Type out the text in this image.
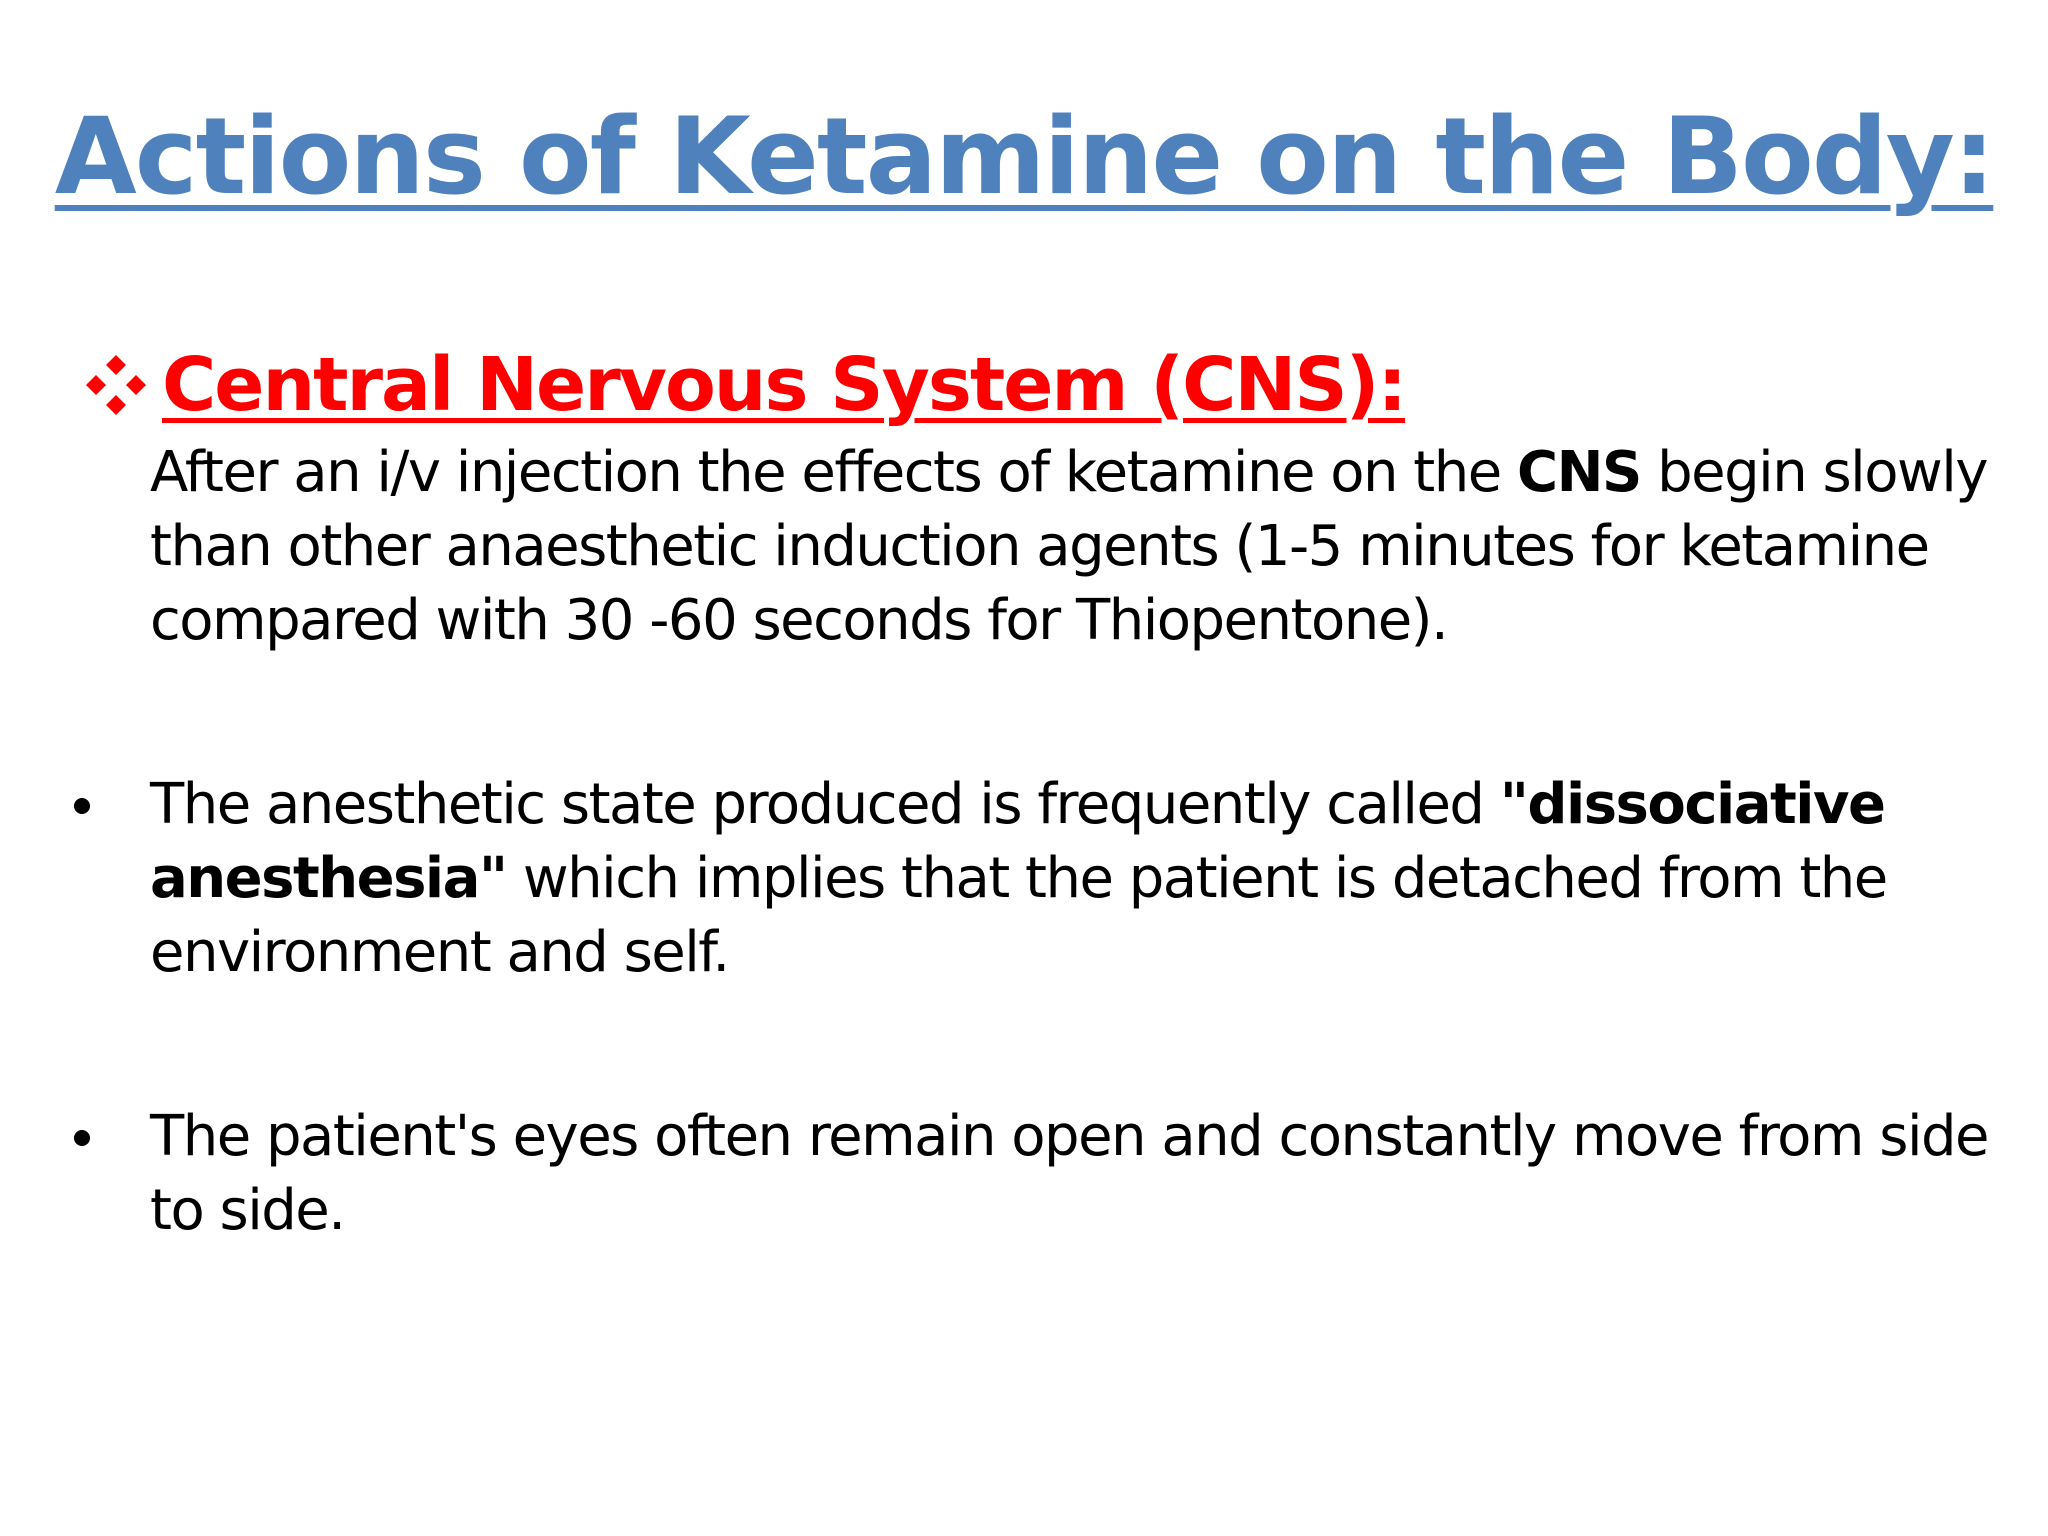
Actions of Ketamine on the Body:
Central Nervous System (CNS):

After an i/v injection the effects of ketamine on the CNS begin slowly than other anaesthetic induction agents (1-5 minutes for ketamine compared with 30 -60 seconds for Thiopentone).

The anesthetic state produced is frequently called "dissociative anesthesia" which implies that the patient is detached from the environment and self.

The patient's eyes often remain open and constantly move from side to side.
